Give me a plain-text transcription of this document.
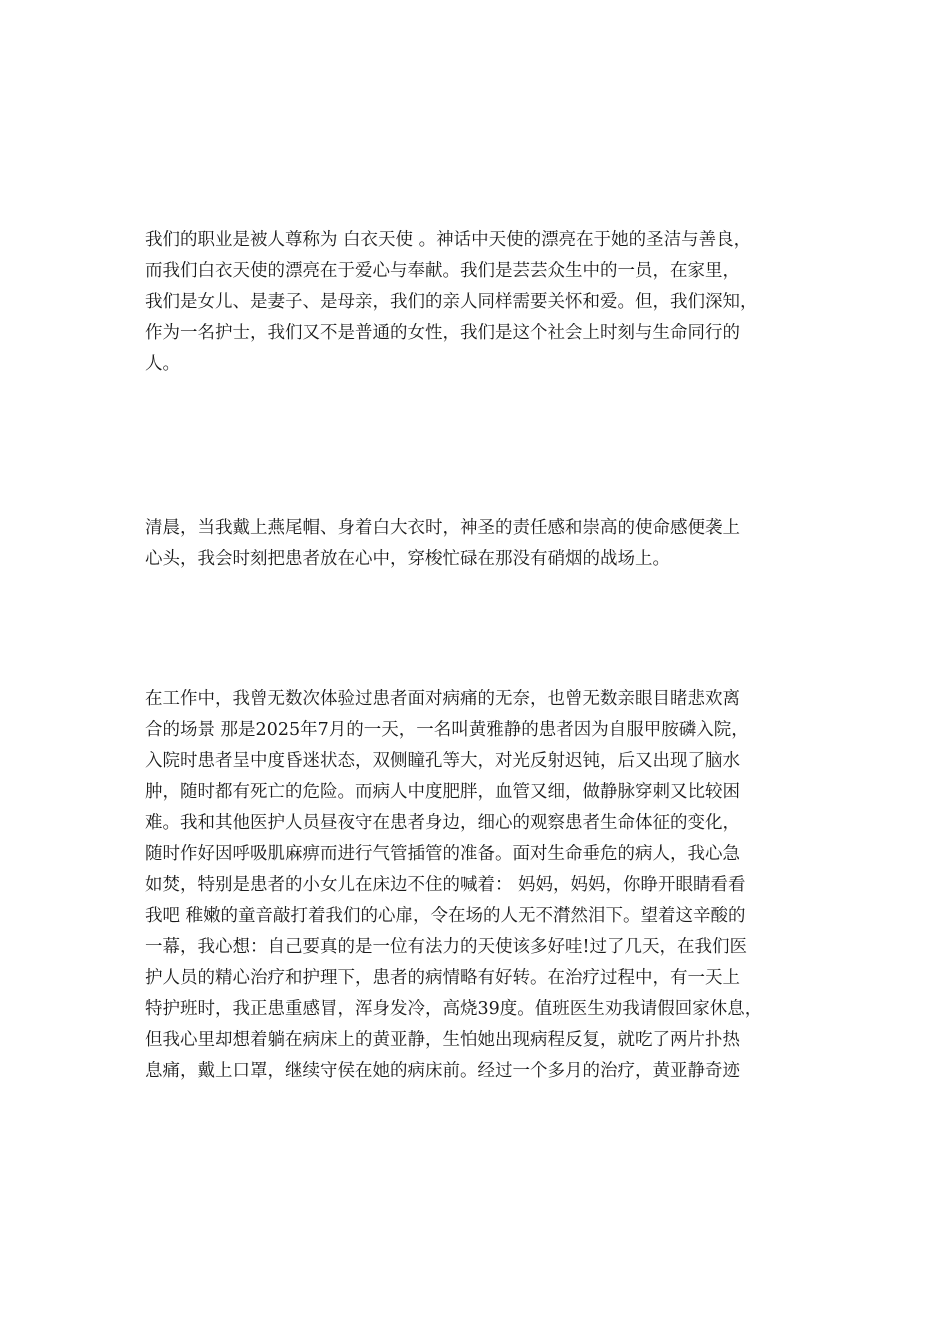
我们的职业是被人尊称为 白衣天使 。神话中天使的漂亮在于她的圣洁与善良，
而我们白衣天使的漂亮在于爱心与奉献。我们是芸芸众生中的一员，在家里，
我们是女儿、是妻子、是母亲，我们的亲人同样需要关怀和爱。但，我们深知，
作为一名护士，我们又不是普通的女性，我们是这个社会上时刻与生命同行的
人。
清晨，当我戴上燕尾帽、身着白大衣时，神圣的责任感和崇高的使命感便袭上
心头，我会时刻把患者放在心中，穿梭忙碌在那没有硝烟的战场上。
在工作中，我曾无数次体验过患者面对病痛的无奈，也曾无数亲眼目睹悲欢离
合的场景 那是2025年7月的一天，一名叫黄雅静的患者因为自服甲胺磷入院，
入院时患者呈中度昏迷状态，双侧瞳孔等大，对光反射迟钝，后又出现了脑水
肿，随时都有死亡的危险。而病人中度肥胖，血管又细，做静脉穿刺又比较困
难。我和其他医护人员昼夜守在患者身边，细心的观察患者生命体征的变化，
随时作好因呼吸肌麻痹而进行气管插管的准备。面对生命垂危的病人，我心急
如焚，特别是患者的小女儿在床边不住的喊着： 妈妈，妈妈，你睁开眼睛看看
我吧 稚嫩的童音敲打着我们的心扉，令在场的人无不潸然泪下。望着这辛酸的
一幕，我心想：自己要真的是一位有法力的天使该多好哇!过了几天，在我们医
护人员的精心治疗和护理下，患者的病情略有好转。在治疗过程中，有一天上
特护班时，我正患重感冒，浑身发冷，高烧39度。值班医生劝我请假回家休息，
但我心里却想着躺在病床上的黄亚静，生怕她出现病程反复，就吃了两片扑热
息痛，戴上口罩，继续守侯在她的病床前。经过一个多月的治疗，黄亚静奇迹
